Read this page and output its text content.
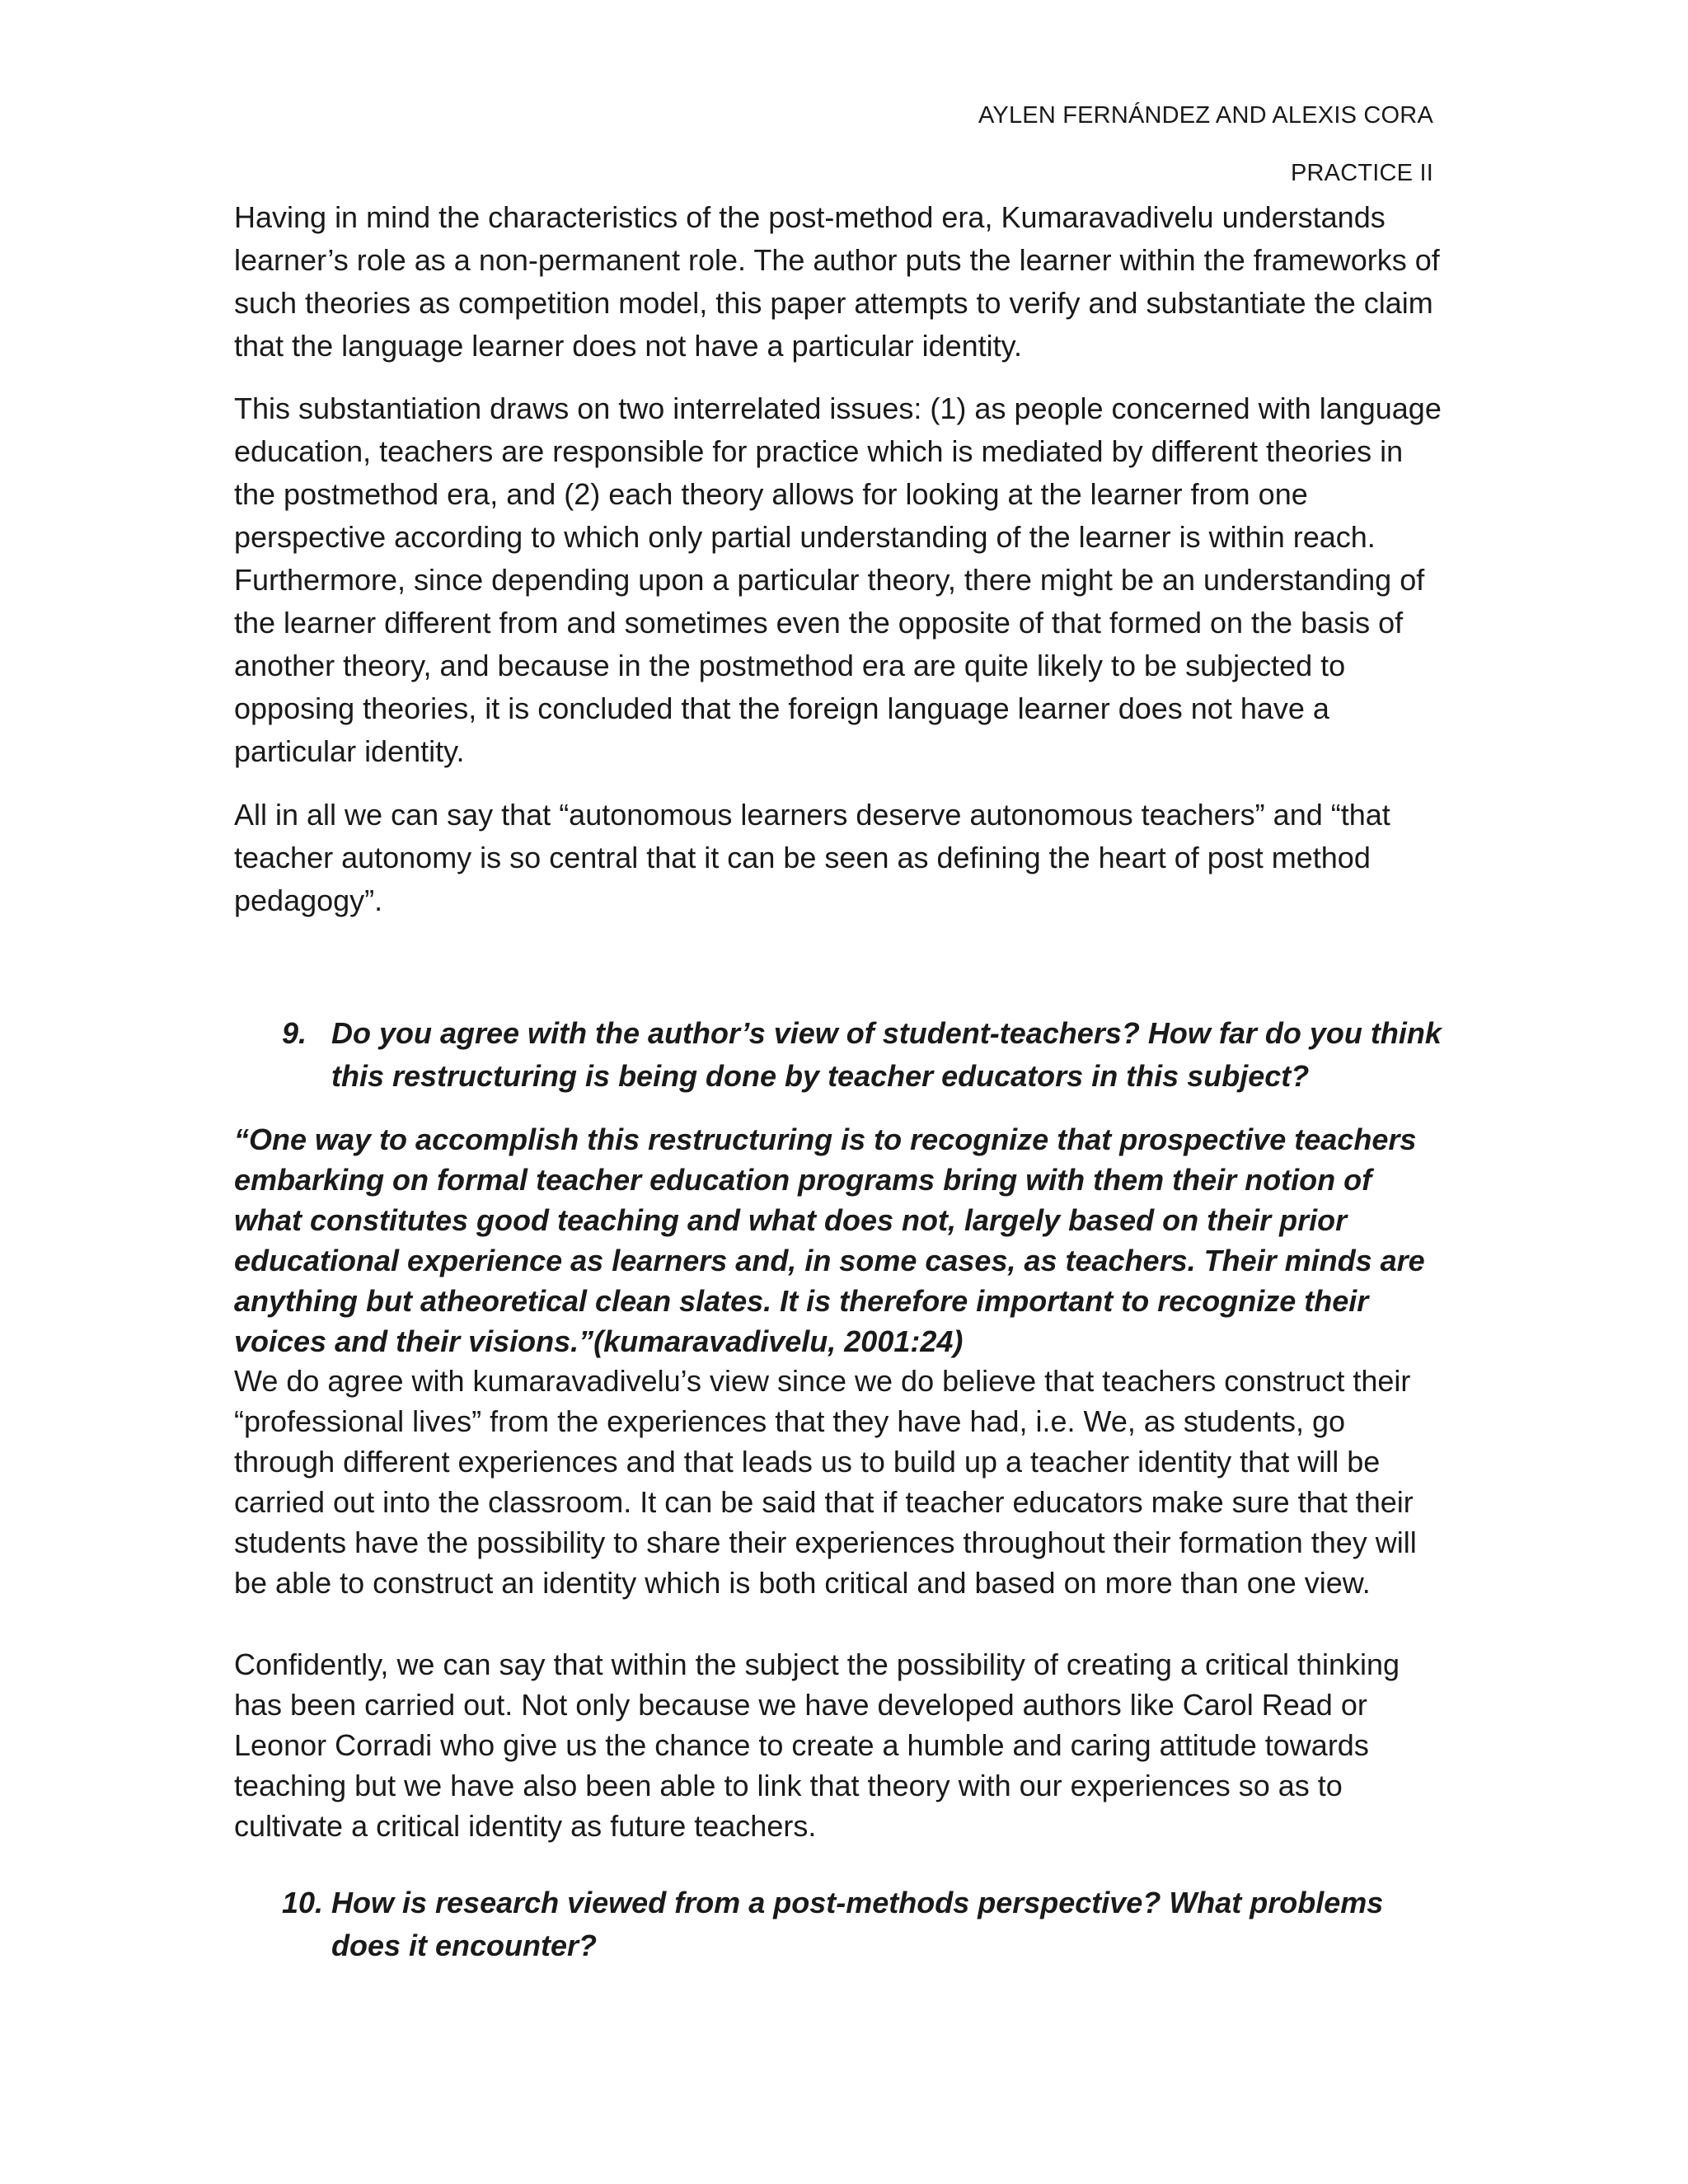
AYLEN FERNÁNDEZ AND ALEXIS CORA
PRACTICE II

Having in mind the characteristics of the post-method era, Kumaravadivelu understands learner’s role as a non-permanent role. The author puts the learner within the frameworks of such theories as competition model, this paper attempts to verify and substantiate the claim that the language learner does not have a particular identity.

This substantiation draws on two interrelated issues: (1) as people concerned with language education, teachers are responsible for practice which is mediated by different theories in the postmethod era, and (2) each theory allows for looking at the learner from one perspective according to which only partial understanding of the learner is within reach. Furthermore, since depending upon a particular theory, there might be an understanding of the learner different from and sometimes even the opposite of that formed on the basis of another theory, and because in the postmethod era are quite likely to be subjected to opposing theories, it is concluded that the foreign language learner does not have a particular identity.

All in all we can say that “autonomous learners deserve autonomous teachers” and “that teacher autonomy is so central that it can be seen as defining the heart of post method pedagogy”.

9. Do you agree with the author’s view of student-teachers? How far do you think this restructuring is being done by teacher educators in this subject?

“One way to accomplish this restructuring is to recognize that prospective teachers embarking on formal teacher education programs bring with them their notion of what constitutes good teaching and what does not, largely based on their prior educational experience as learners and, in some cases, as teachers. Their minds are anything but atheoretical clean slates. It is therefore important to recognize their voices and their visions.”(kumaravadivelu, 2001:24)

We do agree with kumaravadivelu’s view since we do believe that teachers construct their “professional lives” from the experiences that they have had, i.e. We, as students, go through different experiences and that leads us to build up a teacher identity that will be carried out into the classroom. It can be said that if teacher educators make sure that their students have the possibility to share their experiences throughout their formation they will be able to construct an identity which is both critical and based on more than one view.

Confidently, we can say that within the subject the possibility of creating a critical thinking has been carried out. Not only because we have developed authors like Carol Read or Leonor Corradi who give us the chance to create a humble and caring attitude towards teaching but we have also been able to link that theory with our experiences so as to cultivate a critical identity as future teachers.

10. How is research viewed from a post-methods perspective? What problems does it encounter?
